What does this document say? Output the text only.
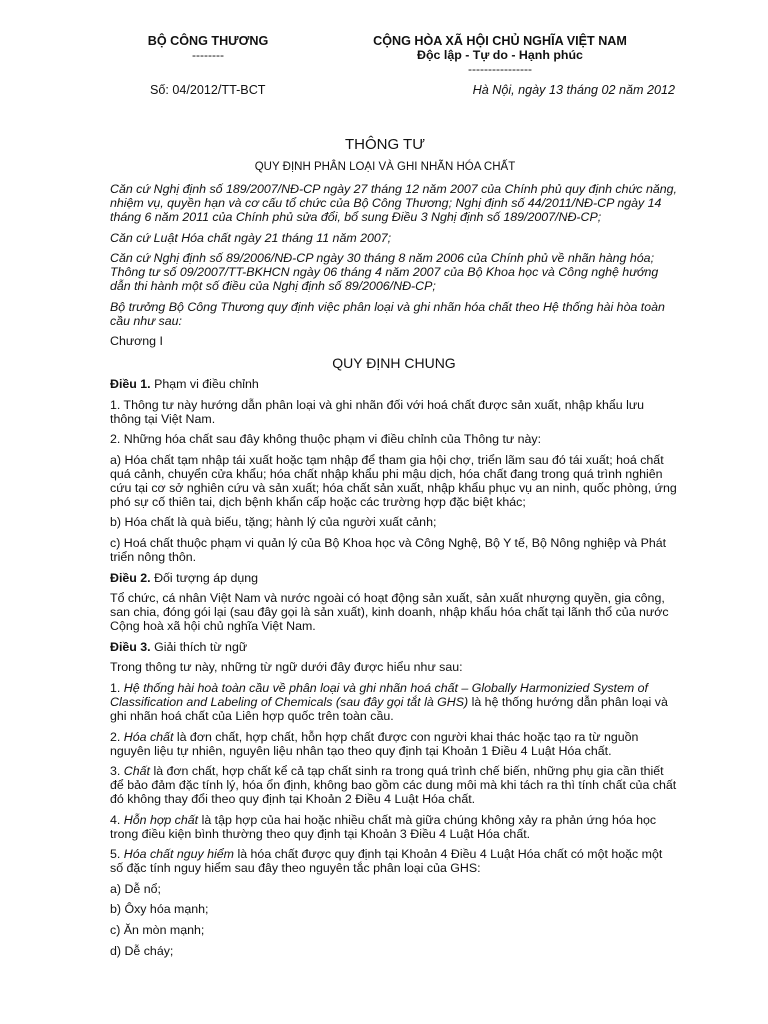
BỘ CÔNG THƯƠNG
--------
CỘNG HÒA XÃ HỘI CHỦ NGHĨA VIỆT NAM
Độc lập - Tự do - Hạnh phúc
----------------
Số: 04/2012/TT-BCT	Hà Nội, ngày 13 tháng 02 năm 2012
THÔNG TƯ
QUY ĐỊNH PHÂN LOẠI VÀ GHI NHÃN HÓA CHẤT

Căn cứ Nghị định số 189/2007/NĐ-CP ngày 27 tháng 12 năm 2007 của Chính phủ quy định chức năng, nhiệm vụ, quyền hạn và cơ cấu tổ chức của Bộ Công Thương; Nghị định số 44/2011/NĐ-CP ngày 14 tháng 6 năm 2011 của Chính phủ sửa đổi, bổ sung Điều 3 Nghị định số 189/2007/NĐ-CP;

Căn cứ Luật Hóa chất ngày 21 tháng 11 năm 2007;

Căn cứ Nghị định số 89/2006/NĐ-CP ngày 30 tháng 8 năm 2006 của Chính phủ về nhãn hàng hóa; Thông tư số 09/2007/TT-BKHCN ngày 06 tháng 4 năm 2007 của Bộ Khoa học và Công nghệ hướng dẫn thi hành một số điều của Nghị định số 89/2006/NĐ-CP;

Bộ trưởng Bộ Công Thương quy định việc phân loại và ghi nhãn hóa chất theo Hệ thống hài hòa toàn cầu như sau:

Chương I

QUY ĐỊNH CHUNG

Điều 1. Phạm vi điều chỉnh

1. Thông tư này hướng dẫn phân loại và ghi nhãn đối với hoá chất được sản xuất, nhập khẩu lưu thông tại Việt Nam.

2. Những hóa chất sau đây không thuộc phạm vi điều chỉnh của Thông tư này:

a) Hóa chất tạm nhập tái xuất hoặc tạm nhập để tham gia hội chợ, triển lãm sau đó tái xuất; hoá chất quá cảnh, chuyển cửa khẩu; hóa chất nhập khẩu phi mậu dịch, hóa chất đang trong quá trình nghiên cứu tại cơ sở nghiên cứu và sản xuất; hóa chất sản xuất, nhập khẩu phục vụ an ninh, quốc phòng, ứng phó sự cố thiên tai, dịch bệnh khẩn cấp hoặc các trường hợp đặc biệt khác;

b) Hóa chất là quà biếu, tặng; hành lý của người xuất cảnh;

c) Hoá chất thuộc phạm vi quản lý của Bộ Khoa học và Công Nghệ, Bộ Y tế, Bộ Nông nghiệp và Phát triển nông thôn.

Điều 2. Đối tượng áp dụng

Tổ chức, cá nhân Việt Nam và nước ngoài có hoạt động sản xuất, sản xuất nhượng quyền, gia công, san chia, đóng gói lại (sau đây gọi là sản xuất), kinh doanh, nhập khẩu hóa chất tại lãnh thổ của nước Cộng hoà xã hội chủ nghĩa Việt Nam.

Điều 3. Giải thích từ ngữ

Trong thông tư này, những từ ngữ dưới đây được hiểu như sau:

1. Hệ thống hài hoà toàn cầu về phân loại và ghi nhãn hoá chất – Globally Harmonizied System of Classification and Labeling of Chemicals (sau đây gọi tắt là GHS) là hệ thống hướng dẫn phân loại và ghi nhãn hoá chất của Liên hợp quốc trên toàn cầu.

2. Hóa chất là đơn chất, hợp chất, hỗn hợp chất được con người khai thác hoặc tạo ra từ nguồn nguyên liệu tự nhiên, nguyên liệu nhân tạo theo quy định tại Khoản 1 Điều 4 Luật Hóa chất.

3. Chất là đơn chất, hợp chất kể cả tạp chất sinh ra trong quá trình chế biến, những phụ gia cần thiết để bảo đảm đặc tính lý, hóa ổn định, không bao gồm các dung môi mà khi tách ra thì tính chất của chất đó không thay đổi theo quy định tại Khoản 2 Điều 4 Luật Hóa chất.

4. Hỗn hợp chất là tập hợp của hai hoặc nhiều chất mà giữa chúng không xảy ra phản ứng hóa học trong điều kiện bình thường theo quy định tại Khoản 3 Điều 4 Luật Hóa chất.

5. Hóa chất nguy hiểm là hóa chất được quy định tại Khoản 4 Điều 4 Luật Hóa chất có một hoặc một số đặc tính nguy hiểm sau đây theo nguyên tắc phân loại của GHS:

a) Dễ nổ;

b) Ôxy hóa mạnh;

c) Ăn mòn mạnh;

d) Dễ cháy;
